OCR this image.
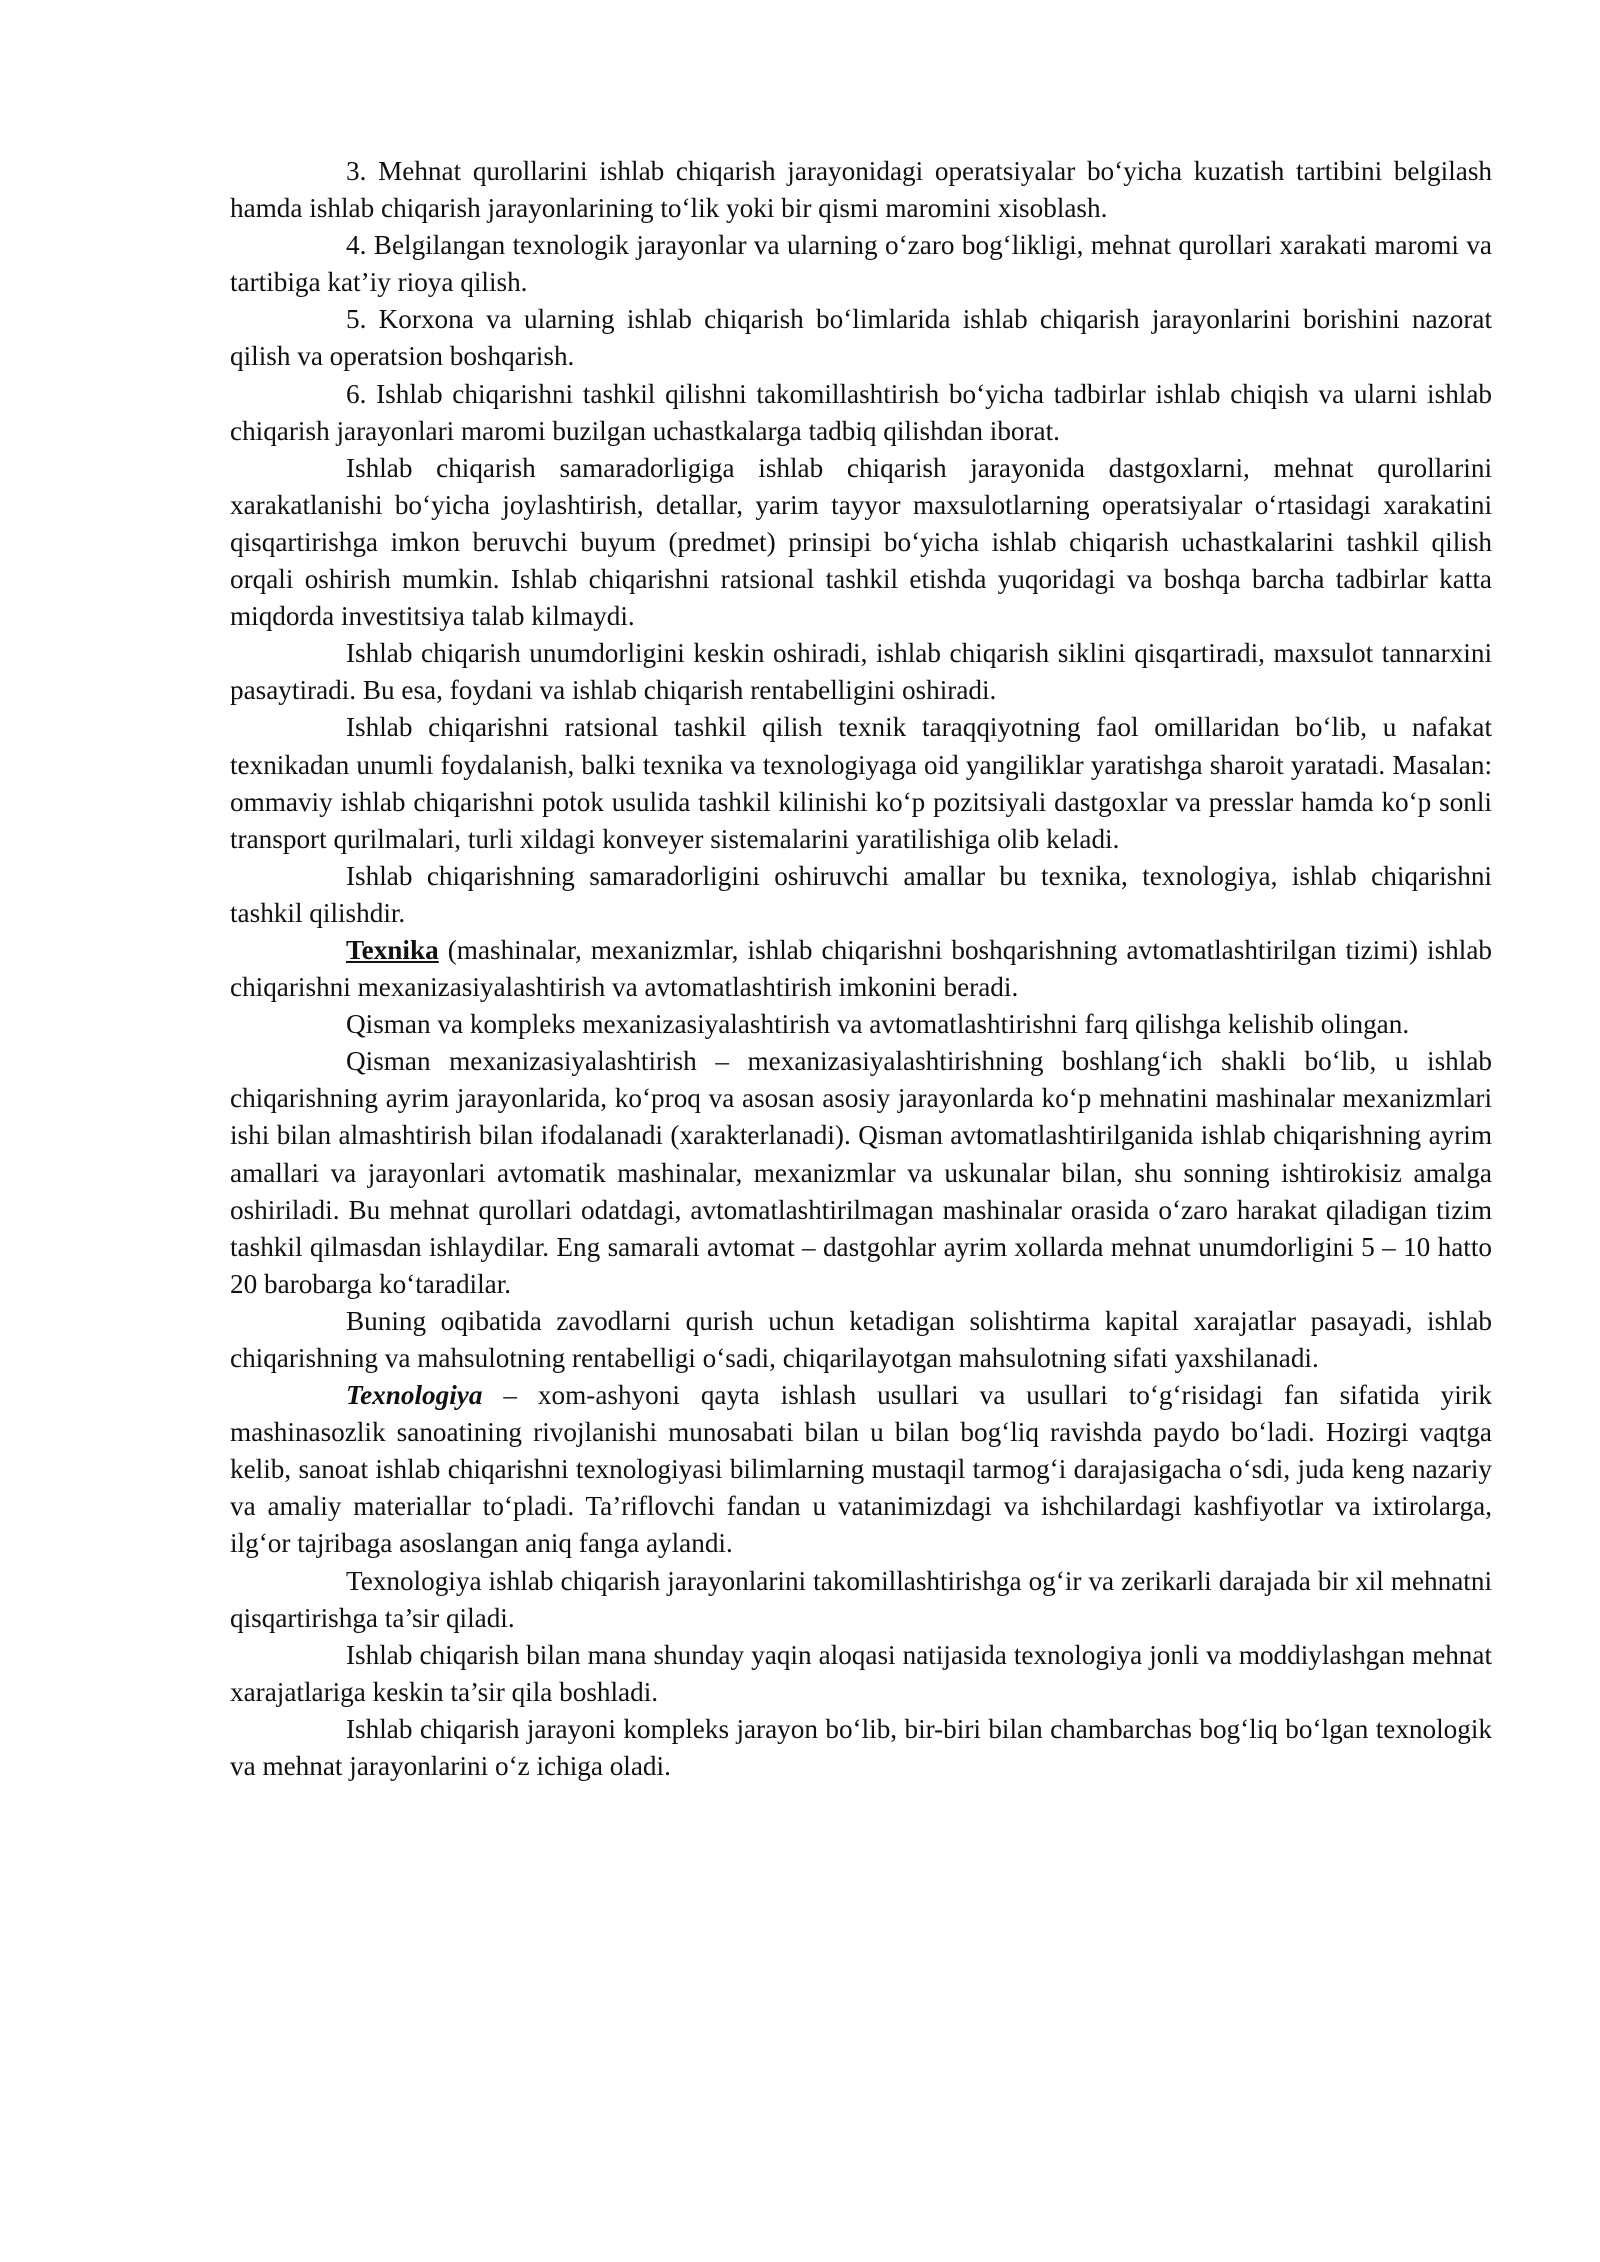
3. Mehnat qurollarini ishlab chiqarish jarayonidagi operatsiyalar bo‘yicha kuzatish tartibini belgilash hamda ishlab chiqarish jarayonlarining to‘lik yoki bir qismi maromini xisoblash.

4. Belgilangan texnologik jarayonlar va ularning o‘zaro bog‘likligi, mehnat qurollari xarakati maromi va tartibiga kat’iy rioya qilish.

5. Korxona va ularning ishlab chiqarish bo‘limlarida ishlab chiqarish jarayonlarini borishini nazorat qilish va operatsion boshqarish.

6. Ishlab chiqarishni tashkil qilishni takomillashtirish bo‘yicha tadbirlar ishlab chiqish va ularni ishlab chiqarish jarayonlari maromi buzilgan uchastkalarga tadbiq qilishdan iborat.

Ishlab chiqarish samaradorligiga ishlab chiqarish jarayonida dastgoxlarni, mehnat qurollarini xarakatlanishi bo‘yicha joylashtirish, detallar, yarim tayyor maxsulotlarning operatsiyalar o‘rtasidagi xarakatini qisqartirishga imkon beruvchi buyum (predmet) prinsipi bo‘yicha ishlab chiqarish uchastkalarini tashkil qilish orqali oshirish mumkin. Ishlab chiqarishni ratsional tashkil etishda yuqoridagi va boshqa barcha tadbirlar katta miqdorda investitsiya talab kilmaydi.

Ishlab chiqarish unumdorligini keskin oshiradi, ishlab chiqarish siklini qisqartiradi, maxsulot tannarxini pasaytiradi. Bu esa, foydani va ishlab chiqarish rentabelligini oshiradi.

Ishlab chiqarishni ratsional tashkil qilish texnik taraqqiyotning faol omillaridan bo‘lib, u nafakat texnikadan unumli foydalanish, balki texnika va texnologiyaga oid yangiliklar yaratishga sharoit yaratadi. Masalan: ommaviy ishlab chiqarishni potok usulida tashkil kilinishi ko‘p pozitsiyali dastgoxlar va presslar hamda ko‘p sonli transport qurilmalari, turli xildagi konveyer sistemalarini yaratilishiga olib keladi.

Ishlab chiqarishning samaradorligini oshiruvchi amallar bu texnika, texnologiya, ishlab chiqarishni tashkil qilishdir.

Texnika (mashinalar, mexanizmlar, ishlab chiqarishni boshqarishning avtomatlashtirilgan tizimi) ishlab chiqarishni mexanizasiyalashtirish va avtomatlashtirish imkonini beradi.

Qisman va kompleks mexanizasiyalashtirish va avtomatlashtirishni farq qilishga kelishib olingan.

Qisman mexanizasiyalashtirish – mexanizasiyalashtirishning boshlang‘ich shakli bo‘lib, u ishlab chiqarishning ayrim jarayonlarida, ko‘proq va asosan asosiy jarayonlarda ko‘p mehnatini mashinalar mexanizmlari ishi bilan almashtirish bilan ifodalanadi (xarakterlanadi). Qisman avtomatlashtirilganida ishlab chiqarishning ayrim amallari va jarayonlari avtomatik mashinalar, mexanizmlar va uskunalar bilan, shu sonning ishtirokisiz amalga oshiriladi. Bu mehnat qurollari odatdagi, avtomatlashtirilmagan mashinalar orasida o‘zaro harakat qiladigan tizim tashkil qilmasdan ishlaydilar. Eng samarali avtomat – dastgohlar ayrim xollarda mehnat unumdorligini 5 – 10 hatto 20 barobarga ko‘taradilar.

Buning oqibatida zavodlarni qurish uchun ketadigan solishtirma kapital xarajatlar pasayadi, ishlab chiqarishning va mahsulotning rentabelligi o‘sadi, chiqarilayotgan mahsulotning sifati yaxshilanadi.

Texnologiya – xom-ashyoni qayta ishlash usullari va usullari to‘g‘risidagi fan sifatida yirik mashinasozlik sanoatining rivojlanishi munosabati bilan u bilan bog‘liq ravishda paydo bo‘ladi. Hozirgi vaqtga kelib, sanoat ishlab chiqarishni texnologiyasi bilimlarning mustaqil tarmog‘i darajasigacha o‘sdi, juda keng nazariy va amaliy materiallar to‘pladi. Ta’riflovchi fandan u vatanimizdagi va ishchilardagi kashfiyotlar va ixtirolarga, ilg‘or tajribaga asoslangan aniq fanga aylandi.

Texnologiya ishlab chiqarish jarayonlarini takomillashtirishga og‘ir va zerikarli darajada bir xil mehnatni qisqartirishga ta’sir qiladi.

Ishlab chiqarish bilan mana shunday yaqin aloqasi natijasida texnologiya jonli va moddiylashgan mehnat xarajatlariga keskin ta’sir qila boshladi.

Ishlab chiqarish jarayoni kompleks jarayon bo‘lib, bir-biri bilan chambarchas bog‘liq bo‘lgan texnologik va mehnat jarayonlarini o‘z ichiga oladi.
